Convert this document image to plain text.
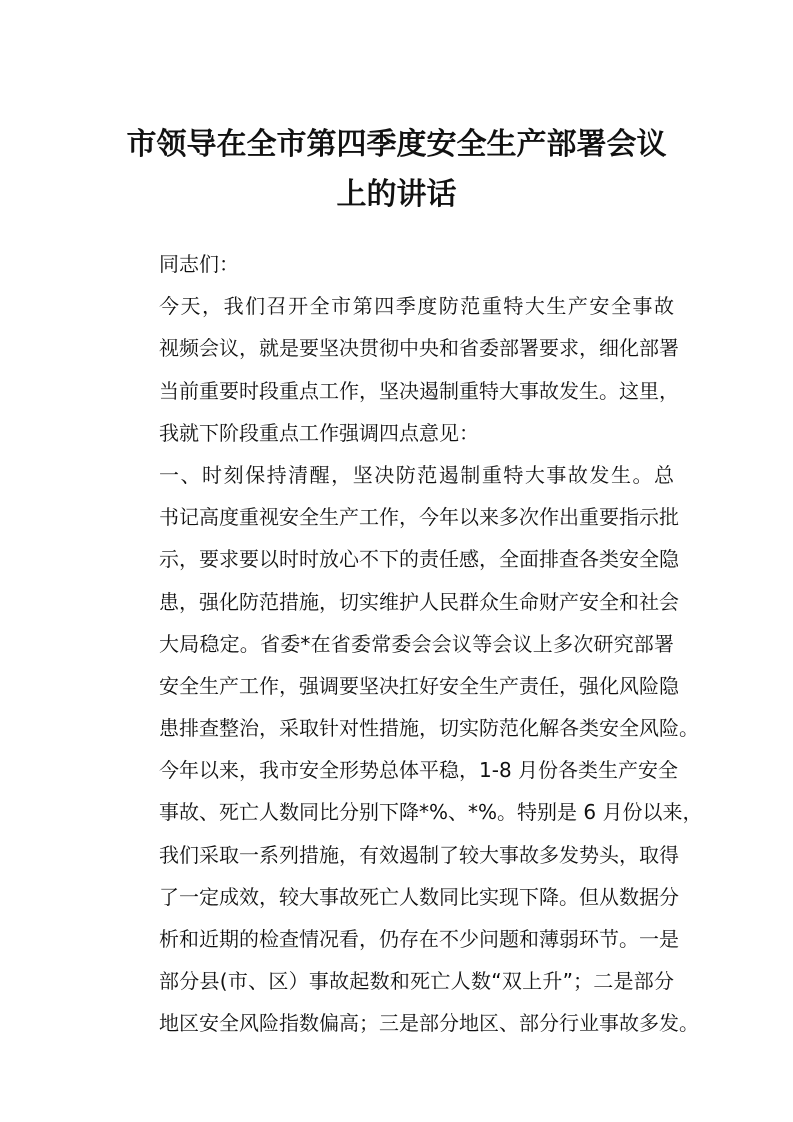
市领导在全市第四季度安全生产部署会议
上的讲话
同志们：
今天，我们召开全市第四季度防范重特大生产安全事故
视频会议，就是要坚决贯彻中央和省委部署要求，细化部署
当前重要时段重点工作，坚决遏制重特大事故发生。这里，
我就下阶段重点工作强调四点意见：
一、时刻保持清醒，坚决防范遏制重特大事故发生。总
书记高度重视安全生产工作，今年以来多次作出重要指示批
示，要求要以时时放心不下的责任感，全面排查各类安全隐
患，强化防范措施，切实维护人民群众生命财产安全和社会
大局稳定。省委*在省委常委会会议等会议上多次研究部署
安全生产工作，强调要坚决扛好安全生产责任，强化风险隐
患排查整治，采取针对性措施，切实防范化解各类安全风险。
今年以来，我市安全形势总体平稳，1-8 月份各类生产安全
事故、死亡人数同比分别下降*%、*%。特别是 6 月份以来，
我们采取一系列措施，有效遏制了较大事故多发势头，取得
了一定成效，较大事故死亡人数同比实现下降。但从数据分
析和近期的检查情况看，仍存在不少问题和薄弱环节。一是
部分县(市、区）事故起数和死亡人数“双上升”；二是部分
地区安全风险指数偏高；三是部分地区、部分行业事故多发。
